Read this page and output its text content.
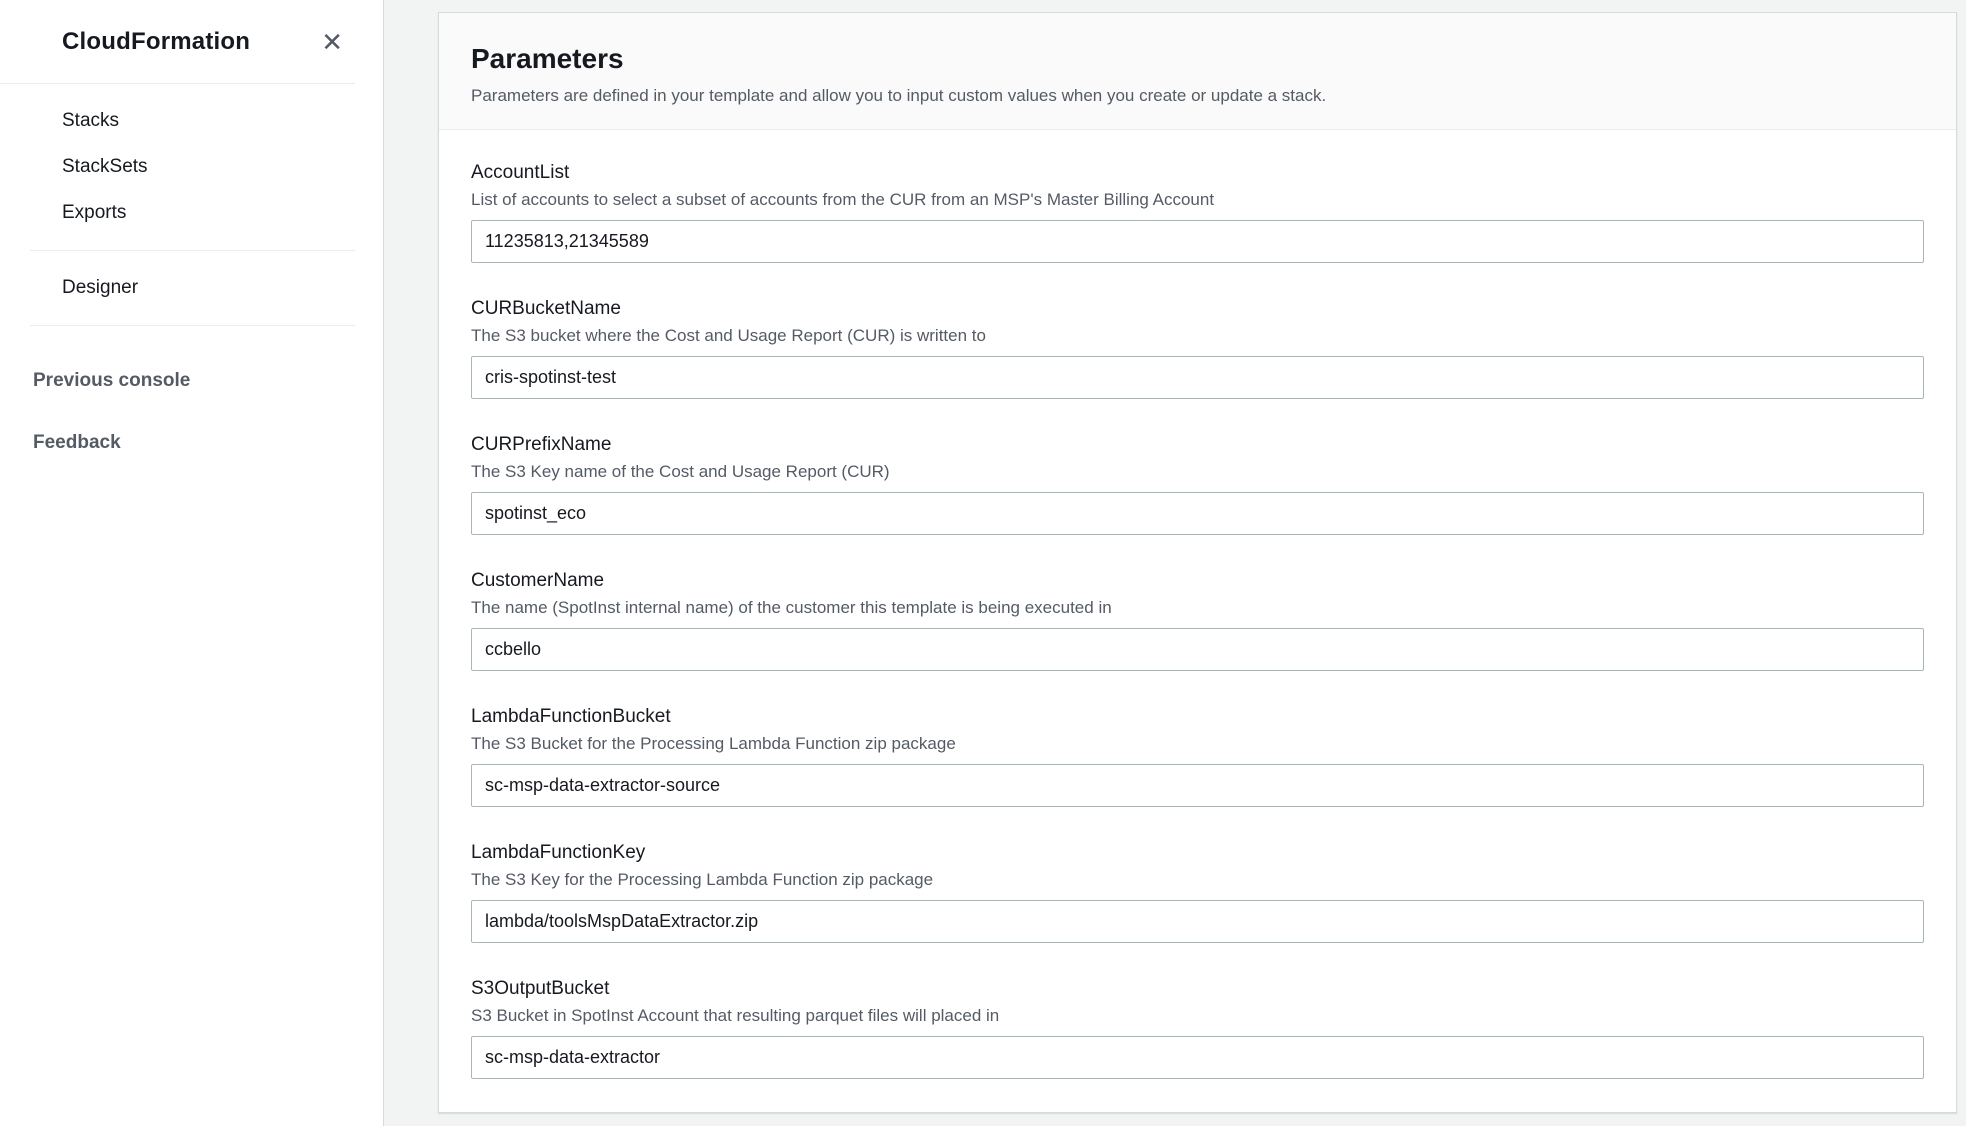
CloudFormation	✕
Stacks
StackSets
Exports
Designer
Previous console
Feedback
Parameters

Parameters are defined in your template and allow you to input custom values when you create or update a stack.

AccountList
List of accounts to select a subset of accounts from the CUR from an MSP's Master Billing Account
11235813,21345589
CURBucketName
The S3 bucket where the Cost and Usage Report (CUR) is written to
cris-spotinst-test
CURPrefixName
The S3 Key name of the Cost and Usage Report (CUR)
spotinst_eco
CustomerName
The name (SpotInst internal name) of the customer this template is being executed in
ccbello
LambdaFunctionBucket
The S3 Bucket for the Processing Lambda Function zip package
sc-msp-data-extractor-source
LambdaFunctionKey
The S3 Key for the Processing Lambda Function zip package
lambda/toolsMspDataExtractor.zip
S3OutputBucket
S3 Bucket in SpotInst Account that resulting parquet files will placed in
sc-msp-data-extractor
